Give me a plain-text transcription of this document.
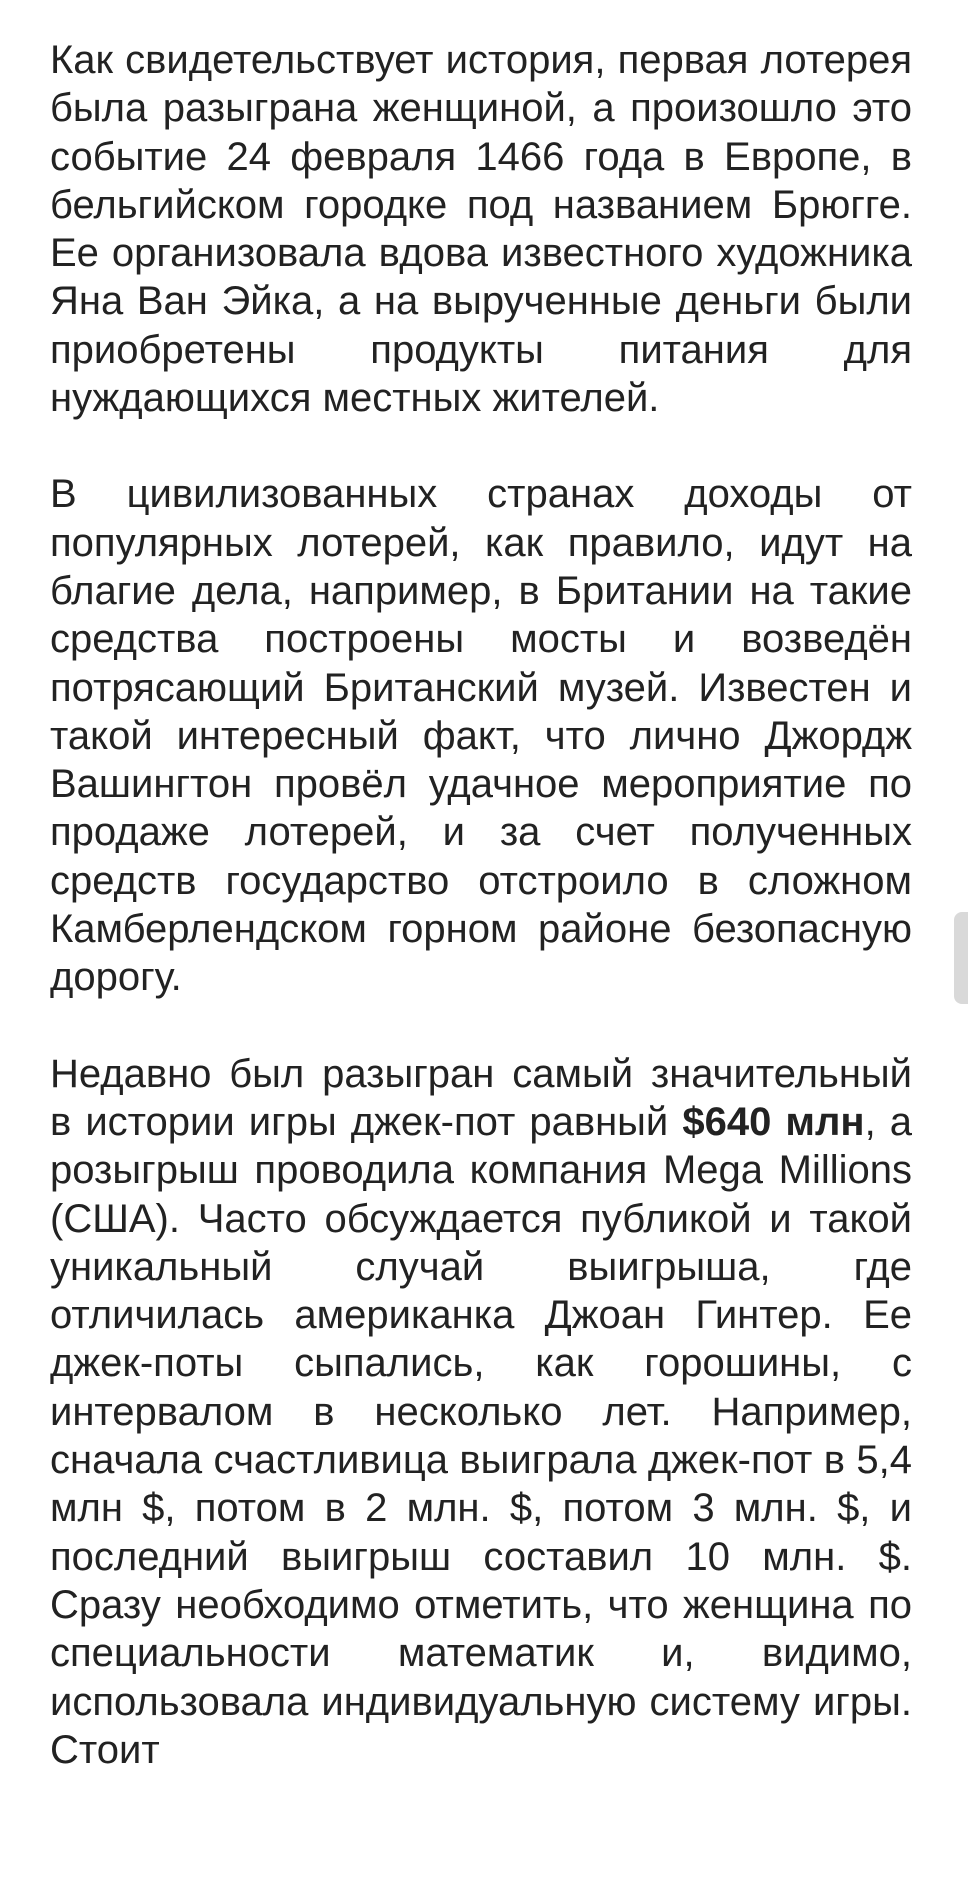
Как свидетельствует история, первая лотерея была разыграна женщиной, а произошло это событие 24 февраля 1466 года в Европе, в бельгийском городке под названием Брюгге. Ее организовала вдова известного художника Яна Ван Эйка, а на вырученные деньги были приобретены продукты питания для нуждающихся местных жителей.

В цивилизованных странах доходы от популярных лотерей, как правило, идут на благие дела, например, в Британии на такие средства построены мосты и возведён потрясающий Британский музей. Известен и такой интересный факт, что лично Джордж Вашингтон провёл удачное мероприятие по продаже лотерей, и за счет полученных средств государство отстроило в сложном Камберлендском горном районе безопасную дорогу.

Недавно был разыгран самый значительный в истории игры джек-пот равный $640 млн, а розыгрыш проводила компания Mega Millions (США). Часто обсуждается публикой и такой уникальный случай выигрыша, где отличилась американка Джоан Гинтер. Ее джек-поты сыпались, как горошины, с интервалом в несколько лет. Например, сначала счастливица выиграла джек-пот в 5,4 млн $, потом в 2 млн. $, потом 3 млн. $, и последний выигрыш составил 10 млн. $. Сразу необходимо отметить, что женщина по специальности математик и, видимо, использовала индивидуальную систему игры. Стоит
